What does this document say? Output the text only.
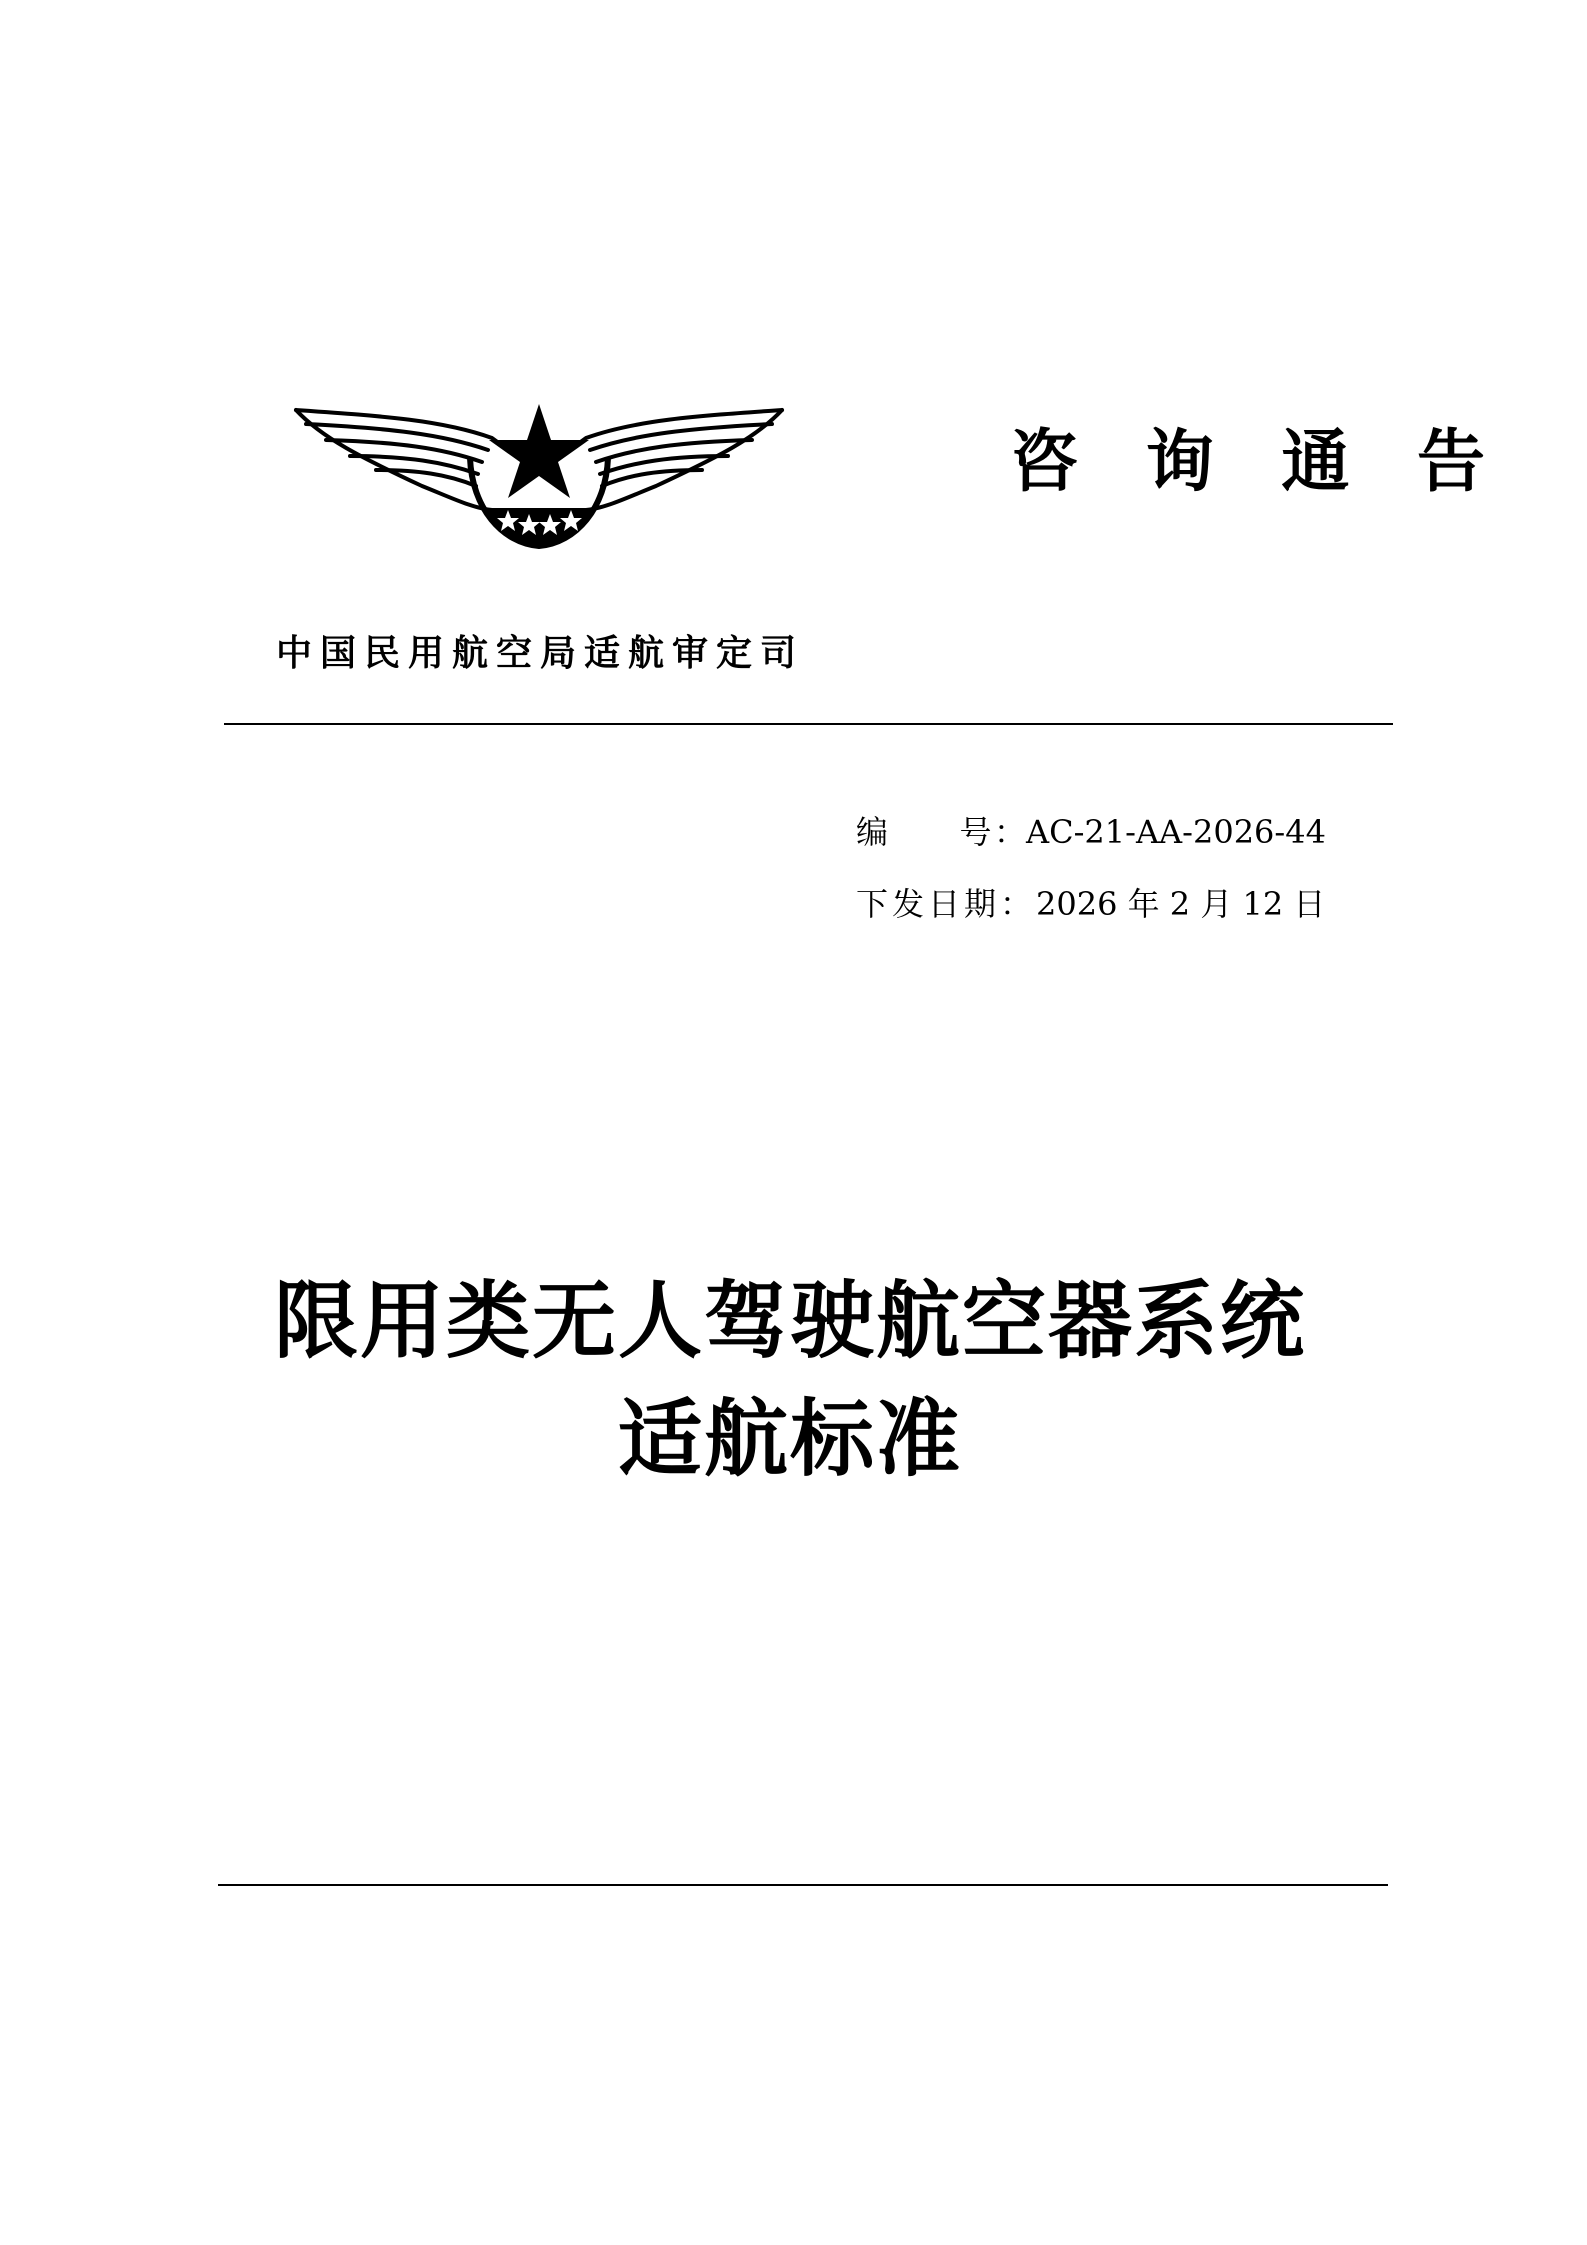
咨 询 通 告
中国民用航空局适航审定司
编　　号： AC-21-AA-2026-44
下发日期： 2026 年 2 月 12 日
限用类无人驾驶航空器系统
适航标准
